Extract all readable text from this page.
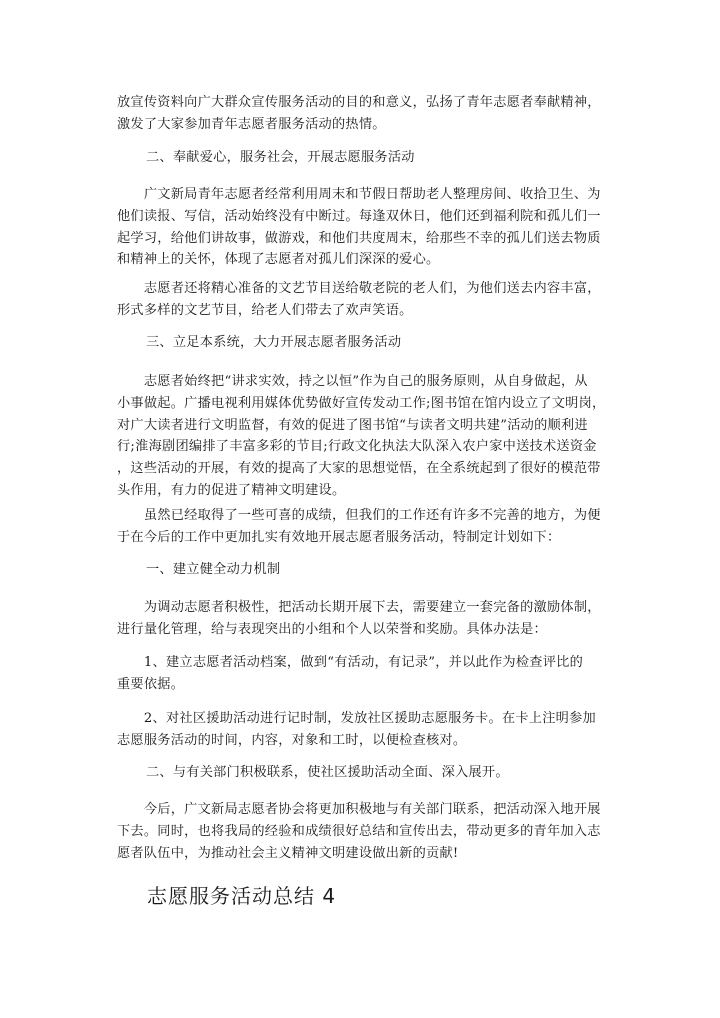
放宣传资料向广大群众宣传服务活动的目的和意义，弘扬了青年志愿者奉献精神，
激发了大家参加青年志愿者服务活动的热情。
二、奉献爱心，服务社会，开展志愿服务活动
　　广文新局青年志愿者经常利用周末和节假日帮助老人整理房间、收拾卫生、为
他们读报、写信，活动始终没有中断过。每逢双休日，他们还到福利院和孤儿们一
起学习，给他们讲故事，做游戏，和他们共度周末，给那些不幸的孤儿们送去物质
和精神上的关怀，体现了志愿者对孤儿们深深的爱心。
　　志愿者还将精心准备的文艺节目送给敬老院的老人们，为他们送去内容丰富，
形式多样的文艺节目，给老人们带去了欢声笑语。
三、立足本系统，大力开展志愿者服务活动
　　志愿者始终把“讲求实效，持之以恒”作为自己的服务原则，从自身做起，从
小事做起。广播电视利用媒体优势做好宣传发动工作;图书馆在馆内设立了文明岗，
对广大读者进行文明监督，有效的促进了图书馆“与读者文明共建”活动的顺利进
行;淮海剧团编排了丰富多彩的节目;行政文化执法大队深入农户家中送技术送资金
，这些活动的开展，有效的提高了大家的思想觉悟，在全系统起到了很好的模范带
头作用，有力的促进了精神文明建设。
　　虽然已经取得了一些可喜的成绩，但我们的工作还有许多不完善的地方，为便
于在今后的工作中更加扎实有效地开展志愿者服务活动，特制定计划如下：
一、建立健全动力机制
　　为调动志愿者积极性，把活动长期开展下去，需要建立一套完备的激励体制，
进行量化管理，给与表现突出的小组和个人以荣誉和奖励。具体办法是：
　　1、建立志愿者活动档案，做到“有活动，有记录”，并以此作为检查评比的
重要依据。
　　2、对社区援助活动进行记时制，发放社区援助志愿服务卡。在卡上注明参加
志愿服务活动的时间，内容，对象和工时，以便检查核对。
二、与有关部门积极联系，使社区援助活动全面、深入展开。
　　今后，广文新局志愿者协会将更加积极地与有关部门联系，把活动深入地开展
下去。同时，也将我局的经验和成绩很好总结和宣传出去，带动更多的青年加入志
愿者队伍中，为推动社会主义精神文明建设做出新的贡献!
志愿服务活动总结 4
